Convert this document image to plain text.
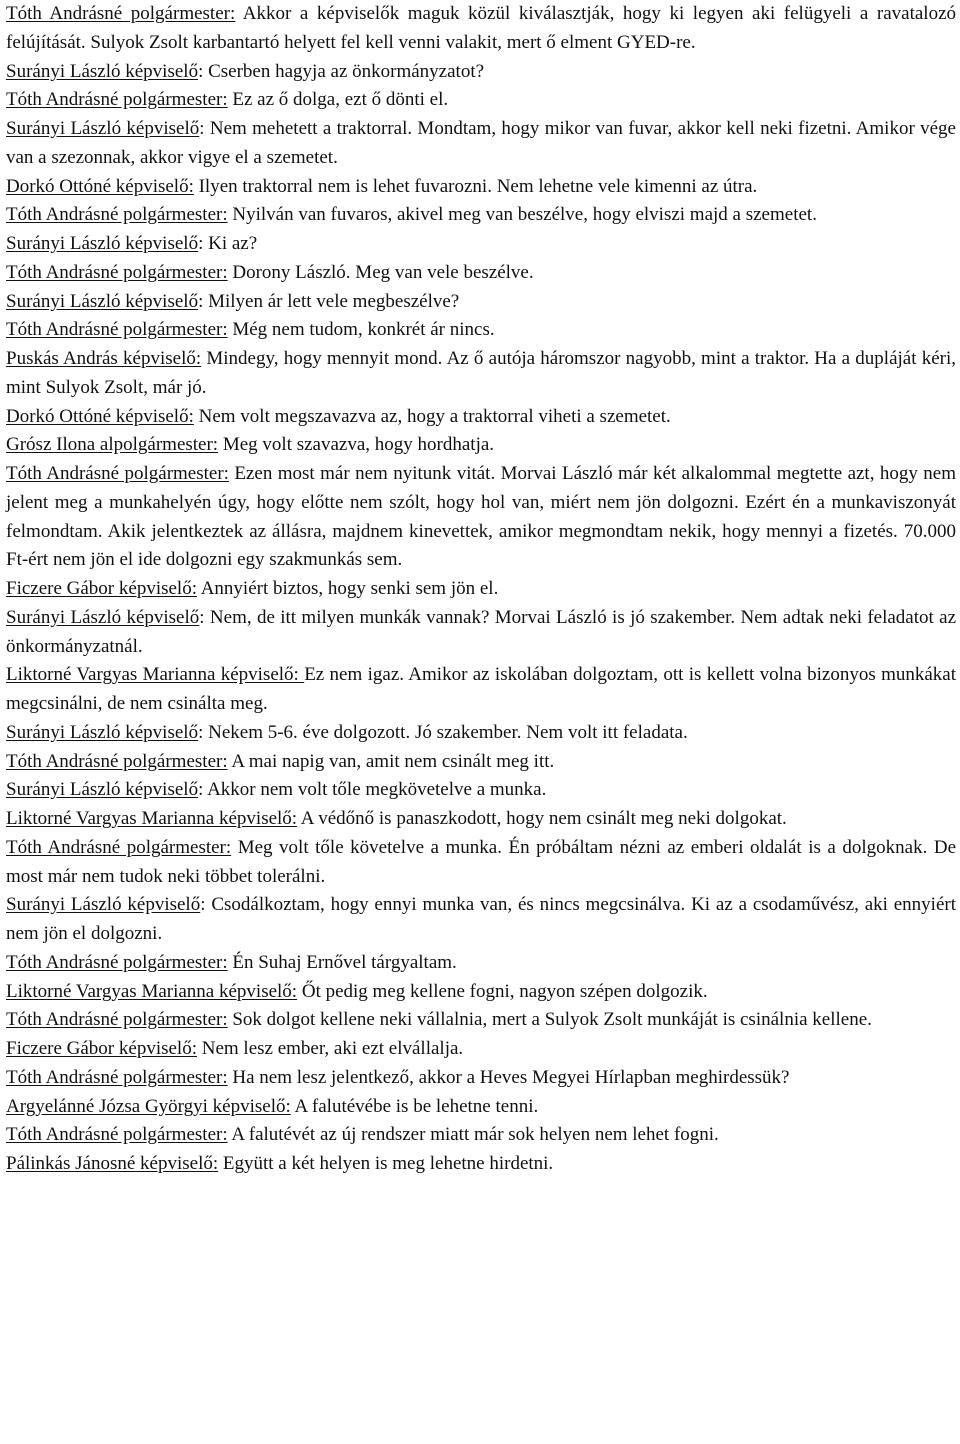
Tóth Andrásné polgármester: Akkor a képviselők maguk közül kiválasztják, hogy ki legyen aki felügyeli a ravatalozó felújítását. Sulyok Zsolt karbantartó helyett fel kell venni valakit, mert ő elment GYED-re.

Surányi László képviselő: Cserben hagyja az önkormányzatot?

Tóth Andrásné polgármester: Ez az ő dolga, ezt ő dönti el.

Surányi László képviselő: Nem mehetett a traktorral. Mondtam, hogy mikor van fuvar, akkor kell neki fizetni. Amikor vége van a szezonnak, akkor vigye el a szemetet.

Dorkó Ottóné képviselő: Ilyen traktorral nem is lehet fuvarozni. Nem lehetne vele kimenni az útra.

Tóth Andrásné polgármester: Nyilván van fuvaros, akivel meg van beszélve, hogy elviszi majd a szemetet.

Surányi László képviselő: Ki az?

Tóth Andrásné polgármester: Dorony László. Meg van vele beszélve.

Surányi László képviselő: Milyen ár lett vele megbeszélve?

Tóth Andrásné polgármester: Még nem tudom, konkrét ár nincs.

Puskás András képviselő: Mindegy, hogy mennyit mond. Az ő autója háromszor nagyobb, mint a traktor. Ha a dupláját kéri, mint Sulyok Zsolt, már jó.

Dorkó Ottóné képviselő: Nem volt megszavazva az, hogy a traktorral viheti a szemetet.

Grósz Ilona alpolgármester: Meg volt szavazva, hogy hordhatja.

Tóth Andrásné polgármester: Ezen most már nem nyitunk vitát. Morvai László már két alkalommal megtette azt, hogy nem jelent meg a munkahelyén úgy, hogy előtte nem szólt, hogy hol van, miért nem jön dolgozni. Ezért én a munkaviszonyát felmondtam. Akik jelentkeztek az állásra, majdnem kinevettek, amikor megmondtam nekik, hogy mennyi a fizetés. 70.000 Ft-ért nem jön el ide dolgozni egy szakmunkás sem.

Ficzere Gábor képviselő: Annyiért biztos, hogy senki sem jön el.

Surányi László képviselő: Nem, de itt milyen munkák vannak? Morvai László is jó szakember. Nem adtak neki feladatot az önkormányzatnál.

Liktorné Vargyas Marianna képviselő: Ez nem igaz. Amikor az iskolában dolgoztam, ott is kellett volna bizonyos munkákat megcsinálni, de nem csinálta meg.

Surányi László képviselő: Nekem 5-6. éve dolgozott. Jó szakember. Nem volt itt feladata.

Tóth Andrásné polgármester: A mai napig van, amit nem csinált meg itt.

Surányi László képviselő: Akkor nem volt tőle megkövetelve a munka.

Liktorné Vargyas Marianna képviselő: A védőnő is panaszkodott, hogy nem csinált meg neki dolgokat.

Tóth Andrásné polgármester: Meg volt tőle követelve a munka. Én próbáltam nézni az emberi oldalát is a dolgoknak. De most már nem tudok neki többet tolerálni.

Surányi László képviselő: Csodálkoztam, hogy ennyi munka van, és nincs megcsinálva. Ki az a csodaművész, aki ennyiért nem jön el dolgozni.

Tóth Andrásné polgármester: Én Suhaj Ernővel tárgyaltam.

Liktorné Vargyas Marianna képviselő: Őt pedig meg kellene fogni, nagyon szépen dolgozik.

Tóth Andrásné polgármester: Sok dolgot kellene neki vállalnia, mert a Sulyok Zsolt munkáját is csinálnia kellene.

Ficzere Gábor képviselő: Nem lesz ember, aki ezt elvállalja.

Tóth Andrásné polgármester: Ha nem lesz jelentkező, akkor a Heves Megyei Hírlapban meghirdessük?

Argyelánné Józsa Györgyi képviselő: A falutévébe is be lehetne tenni.

Tóth Andrásné polgármester: A falutévét az új rendszer miatt már sok helyen nem lehet fogni.

Pálinkás Jánosné képviselő: Együtt a két helyen is meg lehetne hirdetni.
